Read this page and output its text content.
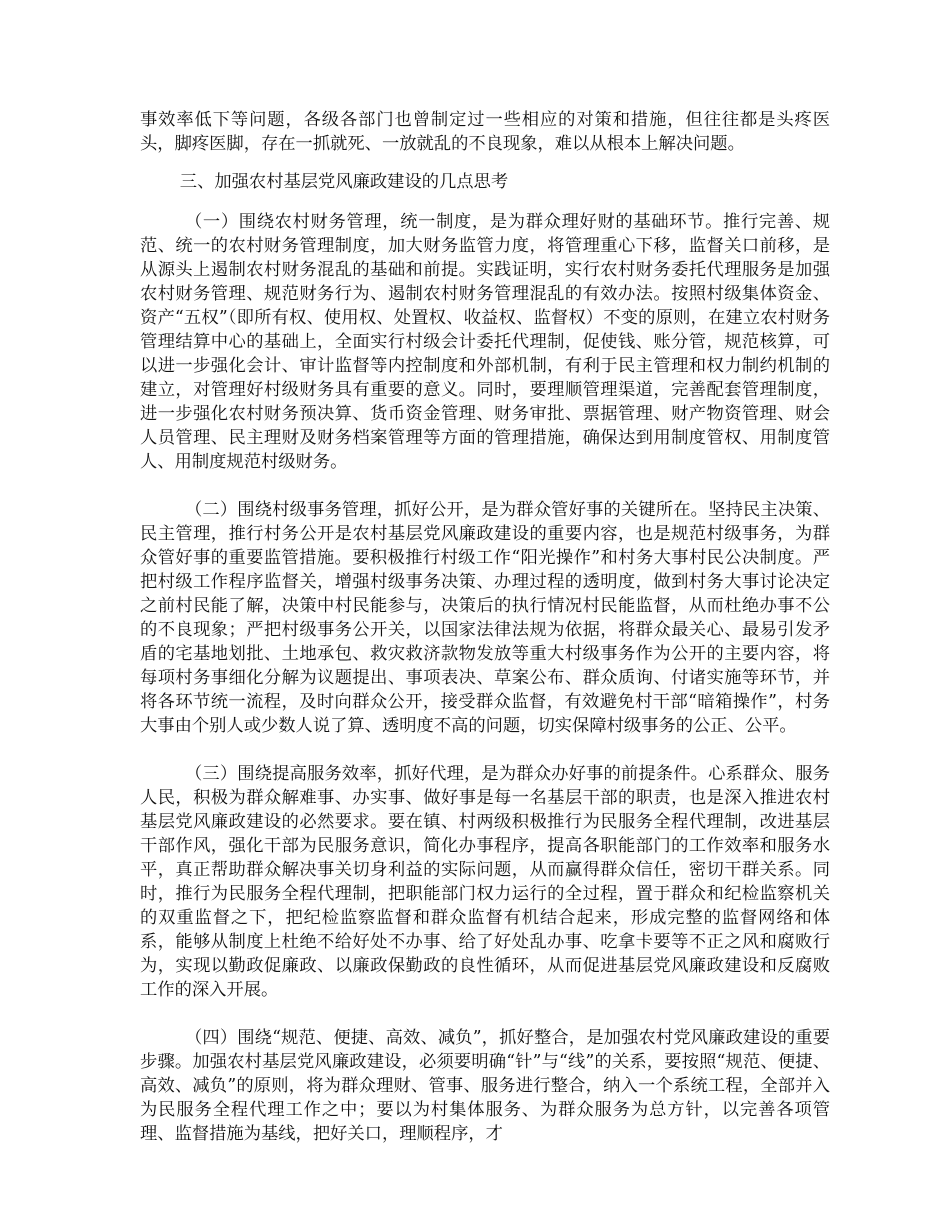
事效率低下等问题，各级各部门也曾制定过一些相应的对策和措施，但往往都是头疼医头，脚疼医脚，存在一抓就死、一放就乱的不良现象，难以从根本上解决问题。

三、加强农村基层党风廉政建设的几点思考

（一）围绕农村财务管理，统一制度，是为群众理好财的基础环节。推行完善、规范、统一的农村财务管理制度，加大财务监管力度，将管理重心下移，监督关口前移，是从源头上遏制农村财务混乱的基础和前提。实践证明，实行农村财务委托代理服务是加强农村财务管理、规范财务行为、遏制农村财务管理混乱的有效办法。按照村级集体资金、资产“五权”（即所有权、使用权、处置权、收益权、监督权）不变的原则，在建立农村财务管理结算中心的基础上，全面实行村级会计委托代理制，促使钱、账分管，规范核算，可以进一步强化会计、审计监督等内控制度和外部机制，有利于民主管理和权力制约机制的建立，对管理好村级财务具有重要的意义。同时，要理顺管理渠道，完善配套管理制度，进一步强化农村财务预决算、货币资金管理、财务审批、票据管理、财产物资管理、财会人员管理、民主理财及财务档案管理等方面的管理措施，确保达到用制度管权、用制度管人、用制度规范村级财务。

（二）围绕村级事务管理，抓好公开，是为群众管好事的关键所在。坚持民主决策、民主管理，推行村务公开是农村基层党风廉政建设的重要内容，也是规范村级事务，为群众管好事的重要监管措施。要积极推行村级工作“阳光操作”和村务大事村民公决制度。严把村级工作程序监督关，增强村级事务决策、办理过程的透明度，做到村务大事讨论决定之前村民能了解，决策中村民能参与，决策后的执行情况村民能监督，从而杜绝办事不公的不良现象；严把村级事务公开关，以国家法律法规为依据，将群众最关心、最易引发矛盾的宅基地划批、土地承包、救灾救济款物发放等重大村级事务作为公开的主要内容，将每项村务事细化分解为议题提出、事项表决、草案公布、群众质询、付诸实施等环节，并将各环节统一流程，及时向群众公开，接受群众监督，有效避免村干部“暗箱操作”，村务大事由个别人或少数人说了算、透明度不高的问题，切实保障村级事务的公正、公平。

（三）围绕提高服务效率，抓好代理，是为群众办好事的前提条件。心系群众、服务人民，积极为群众解难事、办实事、做好事是每一名基层干部的职责，也是深入推进农村基层党风廉政建设的必然要求。要在镇、村两级积极推行为民服务全程代理制，改进基层干部作风，强化干部为民服务意识，简化办事程序，提高各职能部门的工作效率和服务水平，真正帮助群众解决事关切身利益的实际问题，从而赢得群众信任，密切干群关系。同时，推行为民服务全程代理制，把职能部门权力运行的全过程，置于群众和纪检监察机关的双重监督之下，把纪检监察监督和群众监督有机结合起来，形成完整的监督网络和体系，能够从制度上杜绝不给好处不办事、给了好处乱办事、吃拿卡要等不正之风和腐败行为，实现以勤政促廉政、以廉政保勤政的良性循环，从而促进基层党风廉政建设和反腐败工作的深入开展。

（四）围绕“规范、便捷、高效、减负”，抓好整合，是加强农村党风廉政建设的重要步骤。加强农村基层党风廉政建设，必须要明确“针”与“线”的关系，要按照“规范、便捷、高效、减负”的原则，将为群众理财、管事、服务进行整合，纳入一个系统工程，全部并入为民服务全程代理工作之中；要以为村集体服务、为群众服务为总方针，以完善各项管理、监督措施为基线，把好关口，理顺程序，才
